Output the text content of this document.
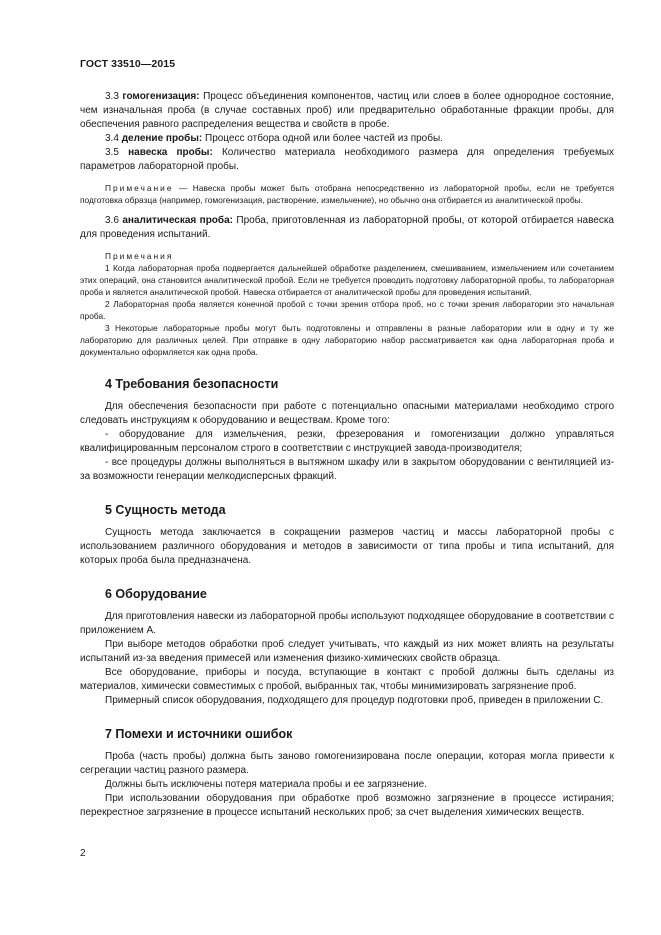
ГОСТ 33510—2015

3.3 гомогенизация: Процесс объединения компонентов, частиц или слоев в более однородное состояние, чем изначальная проба (в случае составных проб) или предварительно обработанные фракции пробы, для обеспечения равного распределения вещества и свойств в пробе.

3.4 деление пробы: Процесс отбора одной или более частей из пробы.

3.5 навеска пробы: Количество материала необходимого размера для определения требуемых параметров лабораторной пробы.

Примечание — Навеска пробы может быть отобрана непосредственно из лабораторной пробы, если не требуется подготовка образца (например, гомогенизация, растворение, измельчение), но обычно она отбирается из аналитической пробы.

3.6 аналитическая проба: Проба, приготовленная из лабораторной пробы, от которой отбирается навеска для проведения испытаний.

Примечания

1 Когда лабораторная проба подвергается дальнейшей обработке разделением, смешиванием, измельчением или сочетанием этих операций, она становится аналитической пробой. Если не требуется проводить подготовку лабораторной пробы, то лабораторная проба и является аналитической пробой. Навеска отбирается от аналитической пробы для проведения испытаний.

2 Лабораторная проба является конечной пробой с точки зрения отбора проб, но с точки зрения лаборатории это начальная проба.

3 Некоторые лабораторные пробы могут быть подготовлены и отправлены в разные лаборатории или в одну и ту же лабораторию для различных целей. При отправке в одну лабораторию набор рассматривается как одна лабораторная проба и документально оформляется как одна проба.

4 Требования безопасности

Для обеспечения безопасности при работе с потенциально опасными материалами необходимо строго следовать инструкциям к оборудованию и веществам. Кроме того:

- оборудование для измельчения, резки, фрезерования и гомогенизации должно управляться квалифицированным персоналом строго в соответствии с инструкцией завода-производителя;

- все процедуры должны выполняться в вытяжном шкафу или в закрытом оборудовании с вентиляцией из-за возможности генерации мелкодисперсных фракций.

5 Сущность метода

Сущность метода заключается в сокращении размеров частиц и массы лабораторной пробы с использованием различного оборудования и методов в зависимости от типа пробы и типа испытаний, для которых проба была предназначена.

6 Оборудование

Для приготовления навески из лабораторной пробы используют подходящее оборудование в соответствии с приложением А.

При выборе методов обработки проб следует учитывать, что каждый из них может влиять на результаты испытаний из-за введения примесей или изменения физико-химических свойств образца.

Все оборудование, приборы и посуда, вступающие в контакт с пробой должны быть сделаны из материалов, химически совместимых с пробой, выбранных так, чтобы минимизировать загрязнение проб.

Примерный список оборудования, подходящего для процедур подготовки проб, приведен в приложении С.

7 Помехи и источники ошибок

Проба (часть пробы) должна быть заново гомогенизирована после операции, которая могла привести к сегрегации частиц разного размера.

Должны быть исключены потеря материала пробы и ее загрязнение.

При использовании оборудования при обработке проб возможно загрязнение в процессе истирания; перекрестное загрязнение в процессе испытаний нескольких проб; за счет выделения химических веществ.

2
